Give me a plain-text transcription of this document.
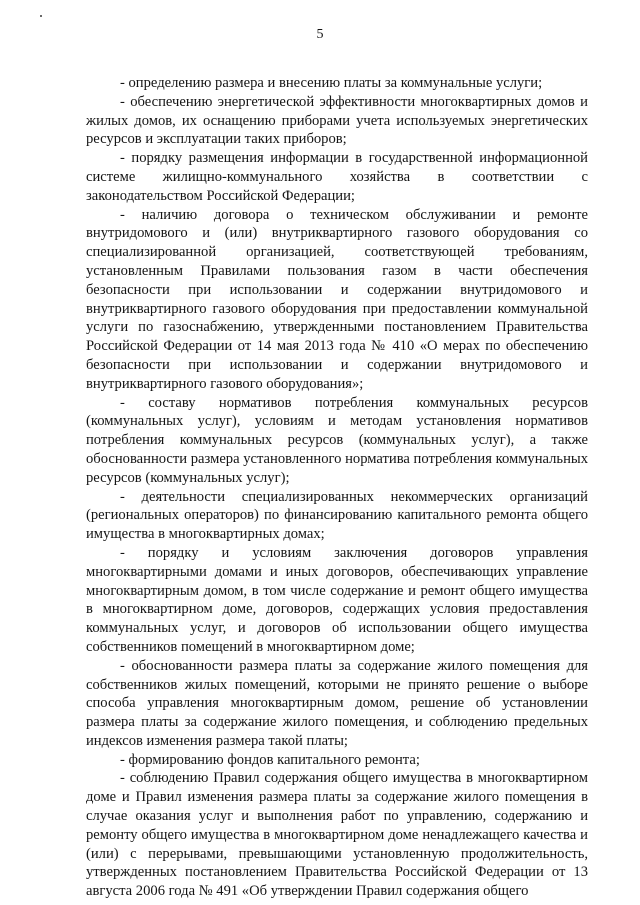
5

- определению размера и внесению платы за коммунальные услуги;

- обеспечению энергетической эффективности многоквартирных домов и жилых домов, их оснащению приборами учета используемых энергетических ресурсов и эксплуатации таких приборов;

- порядку размещения информации в государственной информационной системе жилищно-коммунального хозяйства в соответствии с законодательством Российской Федерации;

- наличию договора о техническом обслуживании и ремонте внутридомового и (или) внутриквартирного газового оборудования со специализированной организацией, соответствующей требованиям, установленным Правилами пользования газом в части обеспечения безопасности при использовании и содержании внутридомового и внутриквартирного газового оборудования при предоставлении коммунальной услуги по газоснабжению, утвержденными постановлением Правительства Российской Федерации от 14 мая 2013 года № 410 «О мерах по обеспечению безопасности при использовании и содержании внутридомового и внутриквартирного газового оборудования»;

- составу нормативов потребления коммунальных ресурсов (коммунальных услуг), условиям и методам установления нормативов потребления коммунальных ресурсов (коммунальных услуг), а также обоснованности размера установленного норматива потребления коммунальных ресурсов (коммунальных услуг);

- деятельности специализированных некоммерческих организаций (региональных операторов) по финансированию капитального ремонта общего имущества в многоквартирных домах;

- порядку и условиям заключения договоров управления многоквартирными домами и иных договоров, обеспечивающих управление многоквартирным домом, в том числе содержание и ремонт общего имущества в многоквартирном доме, договоров, содержащих условия предоставления коммунальных услуг, и договоров об использовании общего имущества собственников помещений в многоквартирном доме;

- обоснованности размера платы за содержание жилого помещения для собственников жилых помещений, которыми не принято решение о выборе способа управления многоквартирным домом, решение об установлении размера платы за содержание жилого помещения, и соблюдению предельных индексов изменения размера такой платы;

- формированию фондов капитального ремонта;

- соблюдению Правил содержания общего имущества в многоквартирном доме и Правил изменения размера платы за содержание жилого помещения в случае оказания услуг и выполнения работ по управлению, содержанию и ремонту общего имущества в многоквартирном доме ненадлежащего качества и (или) с перерывами, превышающими установленную продолжительность, утвержденных постановлением Правительства Российской Федерации от 13 августа 2006 года № 491 «Об утверждении Правил содержания общего
